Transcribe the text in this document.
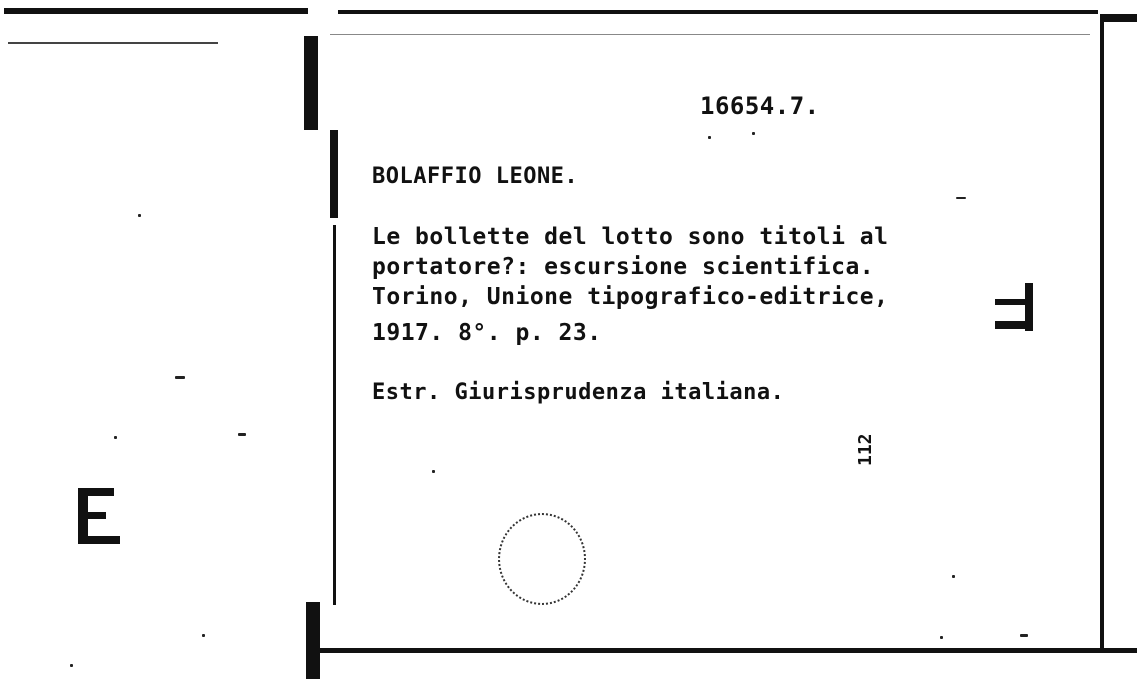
16654.7.
BOLAFFIO LEONE.
Le bollette del lotto sono titoli al
portatore?: escursione scientifica.
Torino, Unione tipografico-editrice,
1917. 8°. p. 23.
Estr. Giurisprudenza italiana.
112
